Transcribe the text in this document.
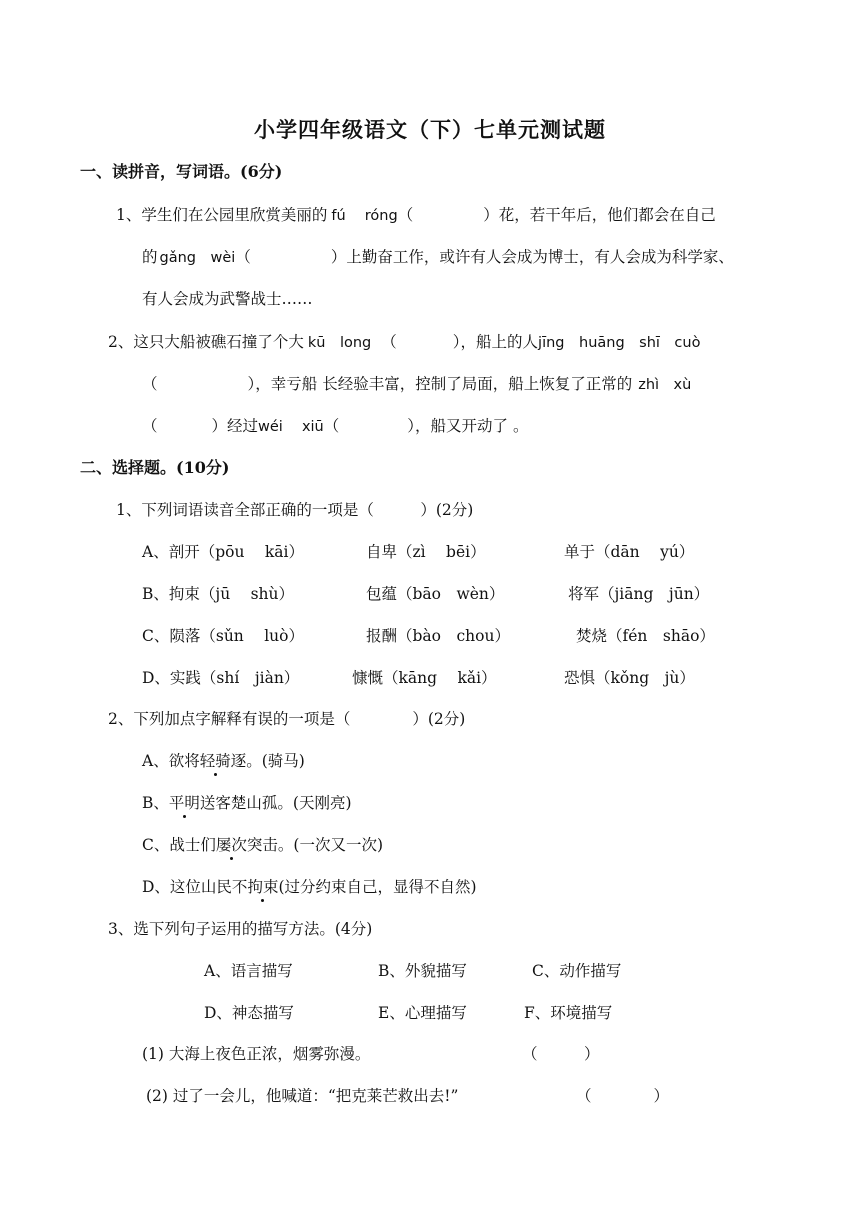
小学四年级语文（下）七单元测试题
一、读拼音，写词语。(6分)
1、学生们在公园里欣赏美丽的 fú　 róng（	）花，若干年后，他们都会在自己
的 gǎng　wèi（	）上勤奋工作，或许有人会成为博士，有人会成为科学家、
有人会成为武警战士……
2、这只大船被礁石撞了个大 kū　long （	），船上的人jīng　huāng　shī　cuò
（	），幸亏船 长经验丰富，控制了局面，船上恢复了正常的 zhì　xù
（	）经过wéi　 xiū（	），船又开动了 。
二、选择题。(10分)
1、下列词语读音全部正确的一项是（　　　）(2分)
A、剖开（pōu　 kāi）	自卑（zì　 bēi）	单于（dān　 yú）
B、拘束（jū　 shù）	包蕴（bāo　wèn）	将军（jiāng　jūn）
C、陨落（sǔn　 luò）	报酬（bào　chou）	焚烧（fén　shāo）
D、实践（shí　jiàn）	慷慨（kāng　 kǎi）	恐惧（kǒng　jù）
2、下列加点字解释有误的一项是（　　　　）(2分)
A、欲将轻骑逐。(骑马)
B、平明送客楚山孤。(天刚亮)
C、战士们屡次突击。(一次又一次)
D、这位山民不拘束(过分约束自己，显得不自然)
3、选下列句子运用的描写方法。(4分)
A、语言描写	B、外貌描写	C、动作描写
D、神态描写	E、心理描写	F、环境描写
(1) 大海上夜色正浓，烟雾弥漫。	（　　　）
(2) 过了一会儿，他喊道：“把克莱芒救出去!”	（　　　　）
